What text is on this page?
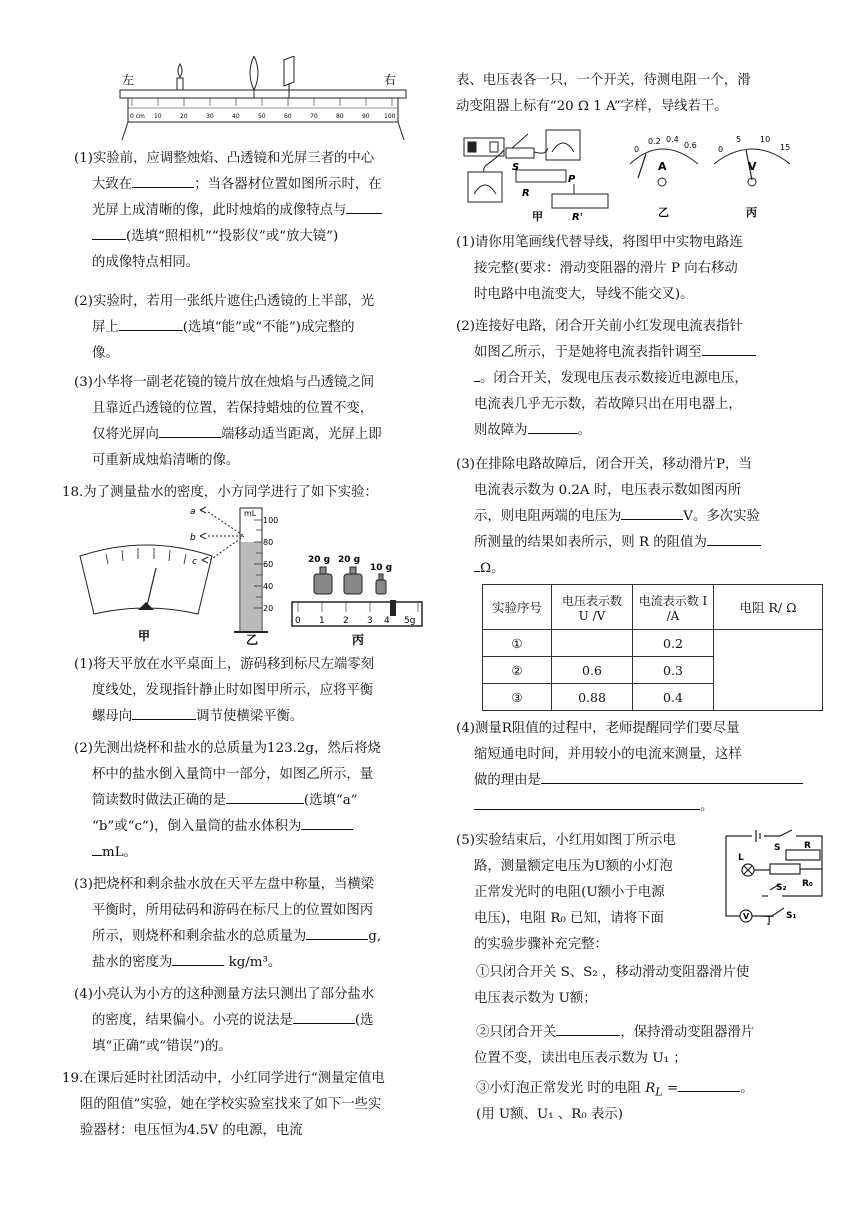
左	右
0 cm 10	20	30	40	50	60	70	80	90 100
(1)实验前，应调整烛焰、凸透镜和光屏三者的中心
大致在	；当各器材位置如图所示时，在
光屏上成清晰的像，此时烛焰的成像特点与
(选填“照相机”“投影仪”或“放大镜”)
的成像特点相同。
(2)实验时，若用一张纸片遮住凸透镜的上半部，光
屏上	(选填“能”或“不能”)成完整的
像。
(3)小华将一副老花镜的镜片放在烛焰与凸透镜之间
且靠近凸透镜的位置，若保持蜡烛的位置不变，
仅将光屏向	端移动适当距离，光屏上即
可重新成烛焰清晰的像。
18.为了测量盐水的密度，小方同学进行了如下实验：
甲
a
b
c
mL
100
80
60
40
20
乙
20 g 20 g
10 g
0 1 2 3 4 5g
丙
(1)将天平放在水平桌面上，游码移到标尺左端零刻
度线处，发现指针静止时如图甲所示，应将平衡
螺母向	调节使横梁平衡。
(2)先测出烧杯和盐水的总质量为123.2g，然后将烧
杯中的盐水倒入量筒中一部分，如图乙所示，量
筒读数时做法正确的是	(选填“a”
“b”或“c”)，倒入量筒的盐水体积为
mL。
(3)把烧杯和剩余盐水放在天平左盘中称量，当横梁
平衡时，所用砝码和游码在标尺上的位置如图丙
所示，则烧杯和剩余盐水的总质量为	g,
盐水的密度为	kg/m³。
(4)小亮认为小方的这种测量方法只测出了部分盐水
的密度，结果偏小。小亮的说法是	(选
填“正确”或“错误”)的。
19.在课后延时社团活动中，小红同学进行“测量定值电
阻的阻值”实验，她在学校实验室找来了如下一些实
验器材：电压恒为4.5V 的电源，电流
表、电压表各一只，一个开关，待测电阻一个，滑
动变阻器上标有“20 Ω 1 A”字样，导线若干。
S
R
P
R'
甲
0
0.2 0.4
0.6
A
乙
0
5 10
15
V
丙
(1)请你用笔画线代替导线，将图甲中实物电路连
接完整(要求：滑动变阻器的滑片 P 向右移动
时电路中电流变大，导线不能交叉)。
(2)连接好电路，闭合开关前小红发现电流表指针
如图乙所示，于是她将电流表指针调至
。闭合开关，发现电压表示数接近电源电压，
电流表几乎无示数，若故障只出在用电器上，
则故障为	。
(3)在排除电路故障后，闭合开关，移动滑片P，当
电流表示数为 0.2A 时，电压表示数如图丙所
示，则电阻两端的电压为	V。多次实验
所测量的结果如表所示，则 R 的阻值为
Ω。
实验序号	电压表示数 U /V	电流表示数 I /A	电阻 R/ Ω
①		0.2	
②	0.6	0.3	
③	0.88	0.4	
(4)测量R阻值的过程中，老师提醒同学们要尽量
缩短通电时间，并用较小的电流来测量，这样
做的理由是
。
(5)实验结束后，小红用如图丁所示电
路，测量额定电压为U额的小灯泡
正常发光时的电阻(U额小于电源
电压)，电阻 R₀ 已知，请将下面
的实验步骤补充完整：
S
L
R
R₀
S₂
S₁
V 丁
①只闭合开关 S、S₂ ，移动滑动变阻器滑片使
电压表示数为 U额；
②只闭合开关	，保持滑动变阻器滑片
位置不变，读出电压表示数为 U₁ ；
③小灯泡正常发光 时的电阻 $R_L$ =	。
(用 U额、U₁ 、R₀ 表示)
